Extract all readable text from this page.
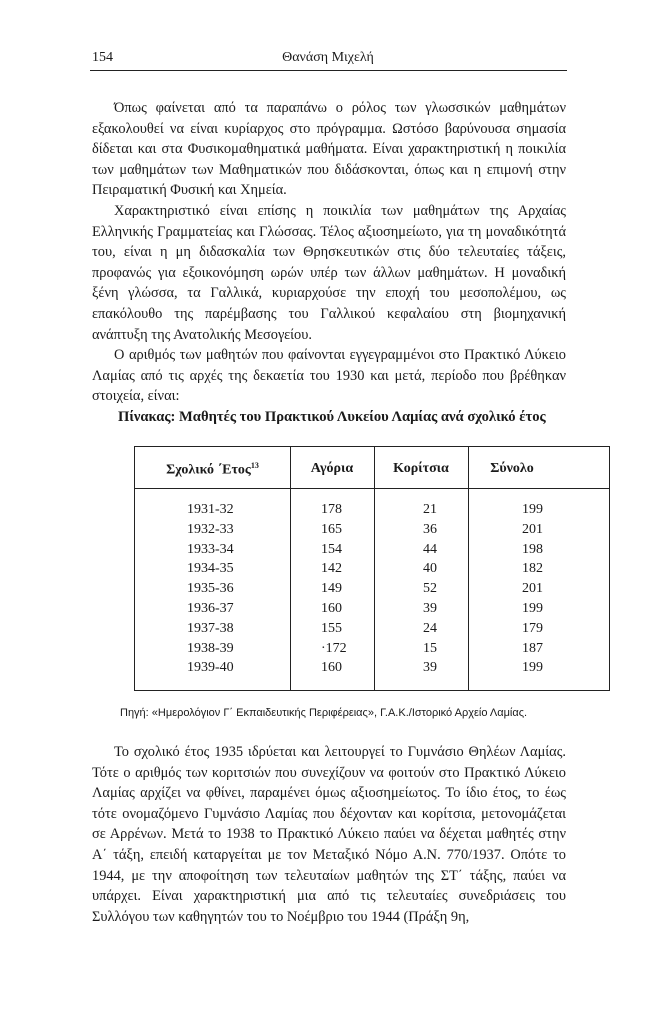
154	Θανάση Μιχελή

Όπως φαίνεται από τα παραπάνω ο ρόλος των γλωσσικών μαθημάτων εξακολουθεί να είναι κυρίαρχος στο πρόγραμμα. Ωστόσο βαρύνουσα σημασία δίδεται και στα Φυσικομαθηματικά μαθήματα. Είναι χαρακτηριστική η ποικιλία των μαθημάτων των Μαθηματικών που διδάσκονται, όπως και η επιμονή στην Πειραματική Φυσική και Χημεία.

Χαρακτηριστικό είναι επίσης η ποικιλία των μαθημάτων της Αρχαίας Ελληνικής Γραμματείας και Γλώσσας. Τέλος αξιοσημείωτο, για τη μοναδικότητά του, είναι η μη διδασκαλία των Θρησκευτικών στις δύο τελευταίες τάξεις, προφανώς για εξοικονόμηση ωρών υπέρ των άλλων μαθημάτων. Η μοναδική ξένη γλώσσα, τα Γαλλικά, κυριαρχούσε την εποχή του μεσοπολέμου, ως επακόλουθο της παρέμβασης του Γαλλικού κεφαλαίου στη βιομηχανική ανάπτυξη της Ανατολικής Μεσογείου.

Ο αριθμός των μαθητών που φαίνονται εγγεγραμμένοι στο Πρακτικό Λύκειο Λαμίας από τις αρχές της δεκαετία του 1930 και μετά, περίοδο που βρέθηκαν στοιχεία, είναι:

Πίνακας: Μαθητές του Πρακτικού Λυκείου Λαμίας ανά σχολικό έτος
Σχολικό ΄Ετος$^{13}$	Αγόρια	Κορίτσια	Σύνολο
1931-32	178	21	199
1932-33	165	36	201
1933-34	154	44	198
1934-35	142	40	182
1935-36	149	52	201
1936-37	160	39	199
1937-38	155	24	179
1938-39	·172	15	187
1939-40	160	39	199
Πηγή: «Ημερολόγιον Γ΄ Εκπαιδευτικής Περιφέρειας», Γ.Α.Κ./Ιστορικό Αρχείο Λαμίας.

Το σχολικό έτος 1935 ιδρύεται και λειτουργεί το Γυμνάσιο Θηλέων Λαμίας. Τότε ο αριθμός των κοριτσιών που συνεχίζουν να φοιτούν στο Πρακτικό Λύκειο Λαμίας αρχίζει να φθίνει, παραμένει όμως αξιοσημείωτος. Το ίδιο έτος, το έως τότε ονομαζόμενο Γυμνάσιο Λαμίας που δέχονταν και κορίτσια, μετονομάζεται σε Αρρένων. Μετά το 1938 το Πρακτικό Λύκειο παύει να δέχεται μαθητές στην Α΄ τάξη, επειδή καταργείται με τον Μεταξικό Νόμο Α.Ν. 770/1937. Οπότε το 1944, με την αποφοίτηση των τελευταίων μαθητών της ΣΤ΄ τάξης, παύει να υπάρχει. Είναι χαρακτηριστική μια από τις τελευταίες συνεδριάσεις του Συλλόγου των καθηγητών του το Νοέμβριο του 1944 (Πράξη 9η,
